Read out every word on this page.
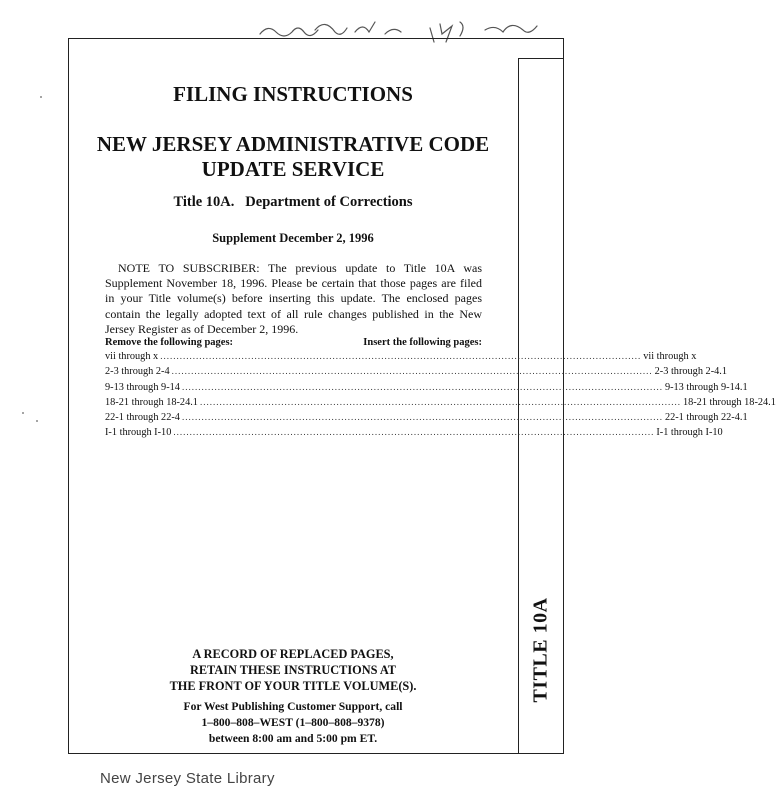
TITLE 10A
FILING INSTRUCTIONS
NEW JERSEY ADMINISTRATIVE CODE
UPDATE SERVICE
Title 10A.   Department of Corrections
Supplement December 2, 1996
NOTE TO SUBSCRIBER: The previous update to Title 10A was Supplement November 18, 1996. Please be certain that those pages are filed in your Title volume(s) before inserting this update. The enclosed pages contain the legally adopted text of all rule changes published in the New Jersey Register as of December 2, 1996.
Remove the following pages:	Insert the following pages:
vii through x .................................................................................................................................................... vii through x
2-3 through 2-4 .................................................................................................................................................... 2-3 through 2-4.1
9-13 through 9-14 .................................................................................................................................................... 9-13 through 9-14.1
18-21 through 18-24.1 .................................................................................................................................................... 18-21 through 18-24.1
22-1 through 22-4 .................................................................................................................................................... 22-1 through 22-4.1
I-1 through I-10 .................................................................................................................................................... I-1 through I-10
A RECORD OF REPLACED PAGES,
RETAIN THESE INSTRUCTIONS AT
THE FRONT OF YOUR TITLE VOLUME(S).
For West Publishing Customer Support, call
1–800–808–WEST (1–800–808–9378)
between 8:00 am and 5:00 pm ET.
New Jersey State Library
